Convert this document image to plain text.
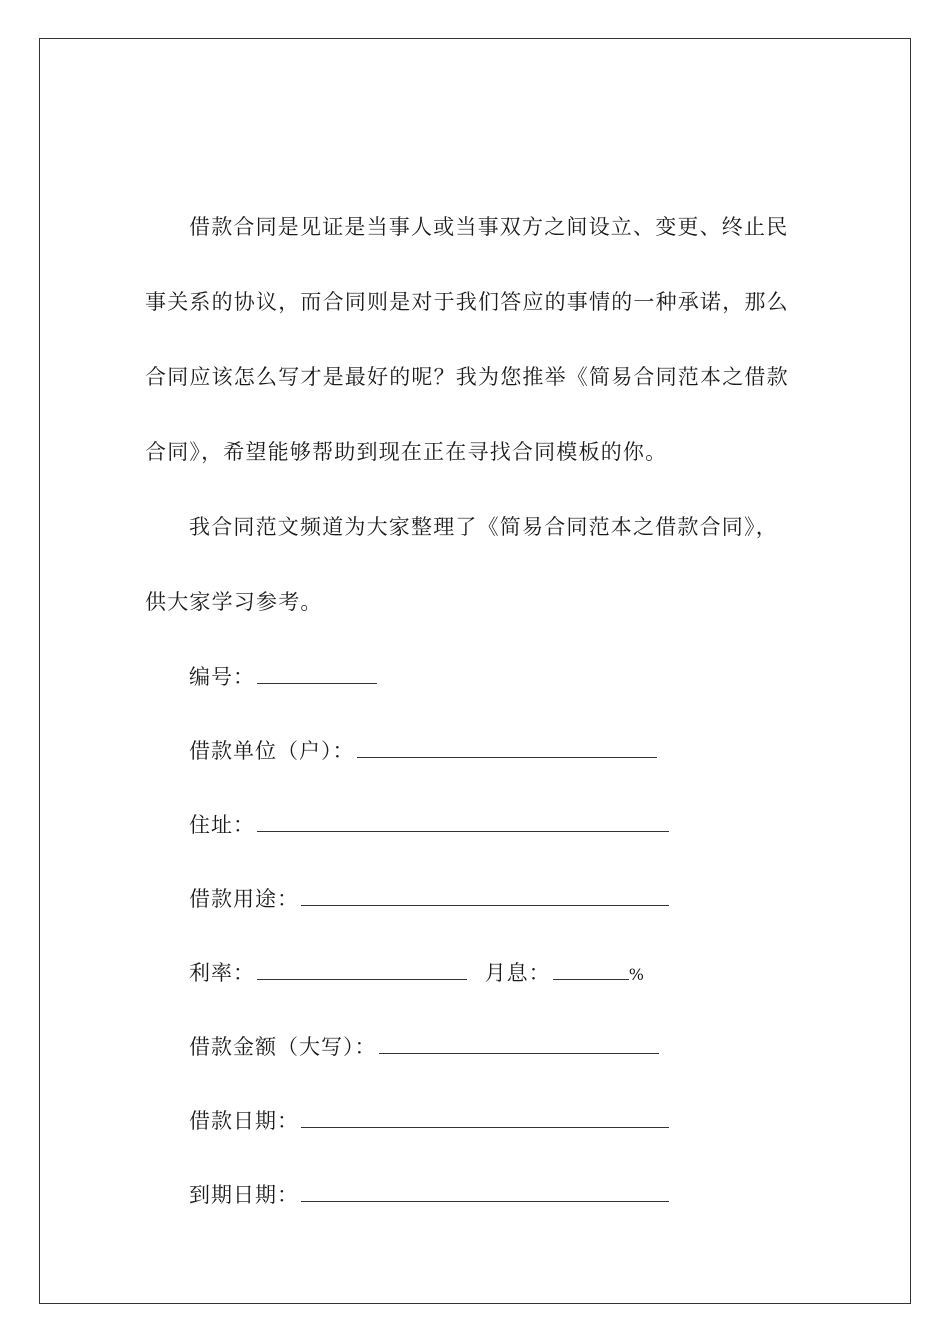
借款合同是见证是当事人或当事双方之间设立、变更、终止民
事关系的协议，而合同则是对于我们答应的事情的一种承诺，那么
合同应该怎么写才是最好的呢？我为您推举《简易合同范本之借款
合同》，希望能够帮助到现在正在寻找合同模板的你。
我合同范文频道为大家整理了《简易合同范本之借款合同》，
供大家学习参考。
编号：
借款单位（户）：
住址：
借款用途：
利率：	月息：	%
借款金额（大写）：
借款日期：
到期日期：
